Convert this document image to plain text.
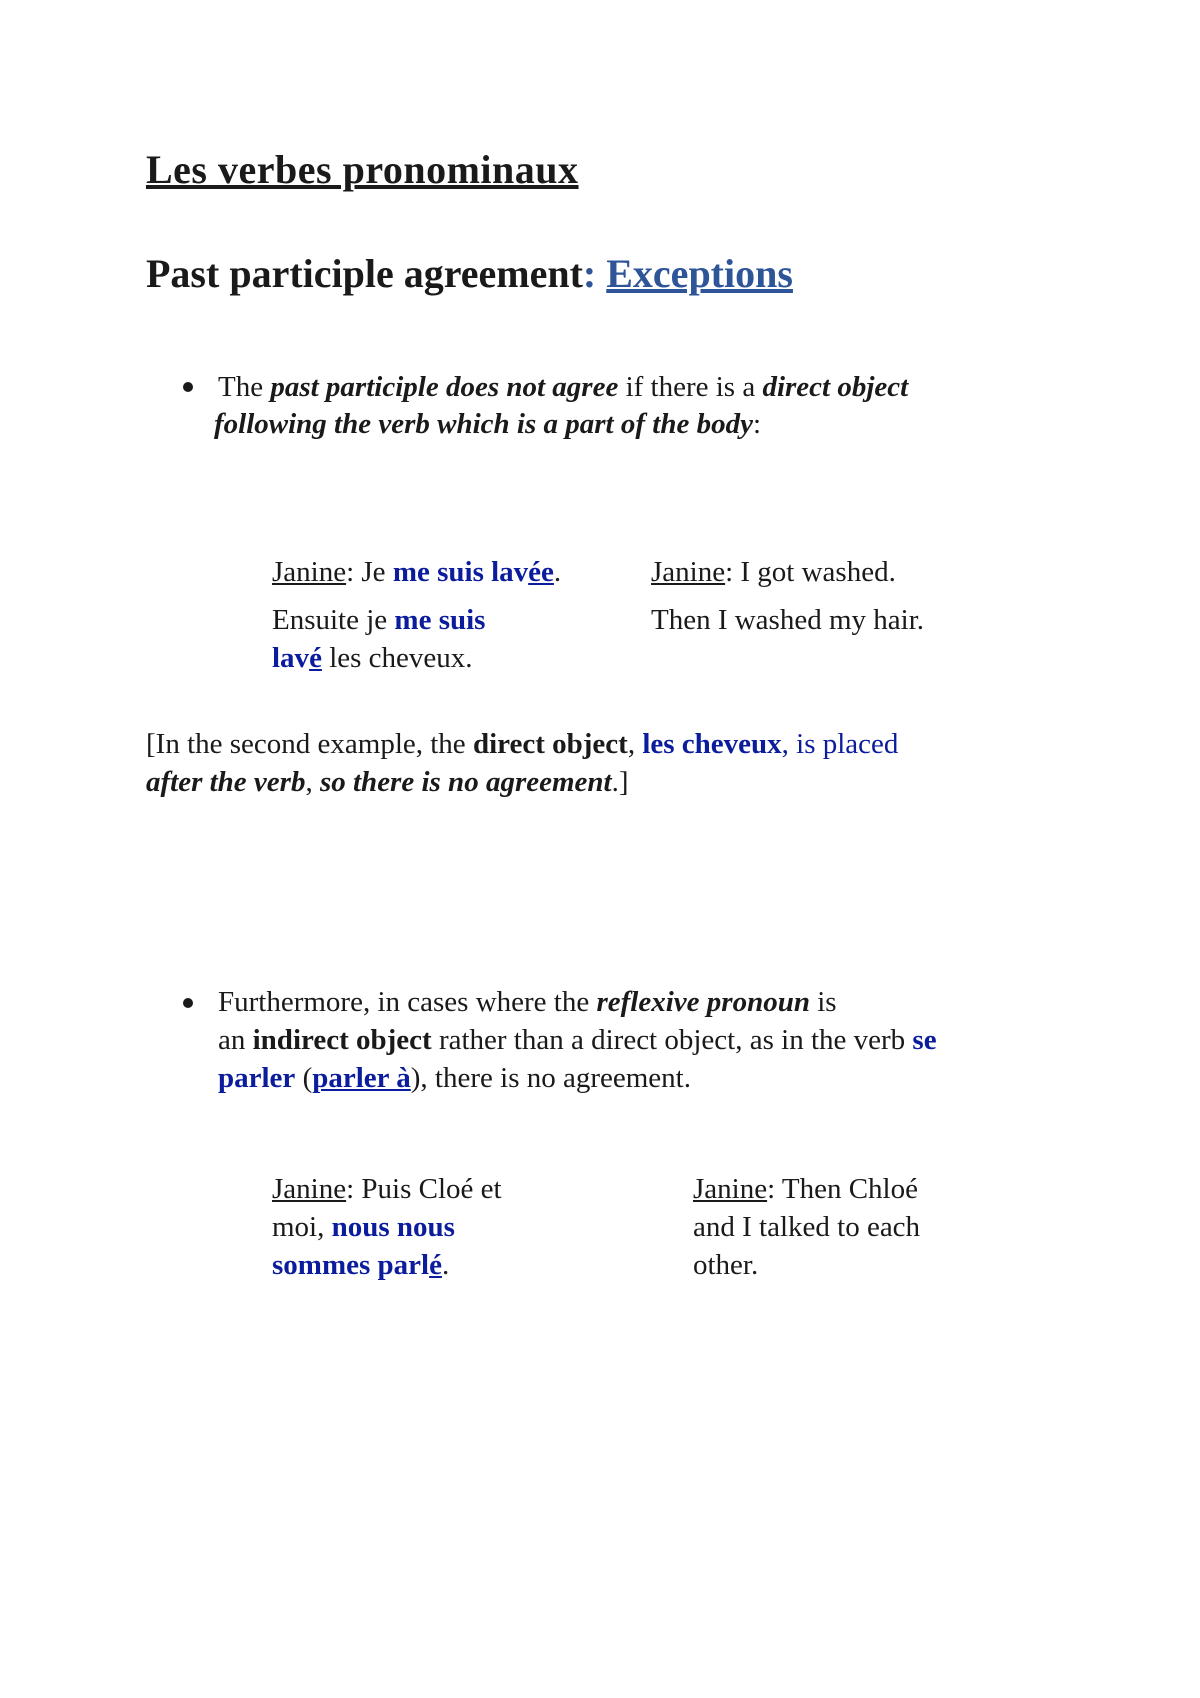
Les verbes pronominaux
Past participle agreement: Exceptions
The past participle does not agree if there is a direct object
following the verb which is a part of the body:
Janine: Je me suis lavée.
Ensuite je me suis
lavé les cheveux.
Janine: I got washed.
Then I washed my hair.
[In the second example, the direct object, les cheveux, is placed
after the verb, so there is no agreement.]
Furthermore, in cases where the reflexive pronoun is
an indirect object rather than a direct object, as in the verb se
parler (parler à), there is no agreement.
Janine: Puis Cloé et
moi, nous nous
sommes parlé.
Janine: Then Chloé
and I talked to each
other.
